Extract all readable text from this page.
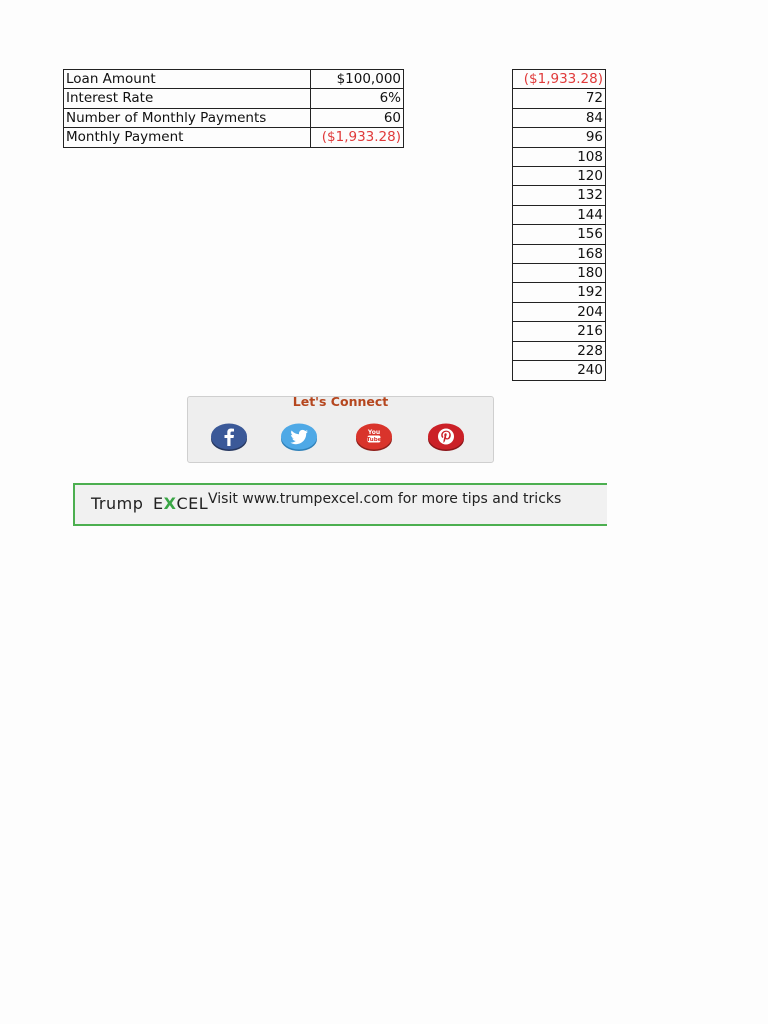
Loan Amount	$100,000
Interest Rate	6%
Number of Monthly Payments	60
Monthly Payment	($1,933.28)
($1,933.28)
72
84
96
108
120
132
144
156
168
180
192
204
216
228
240
Let's Connect
You
Tube
Trump EXCEL Visit www.trumpexcel.com for more tips and tricks
